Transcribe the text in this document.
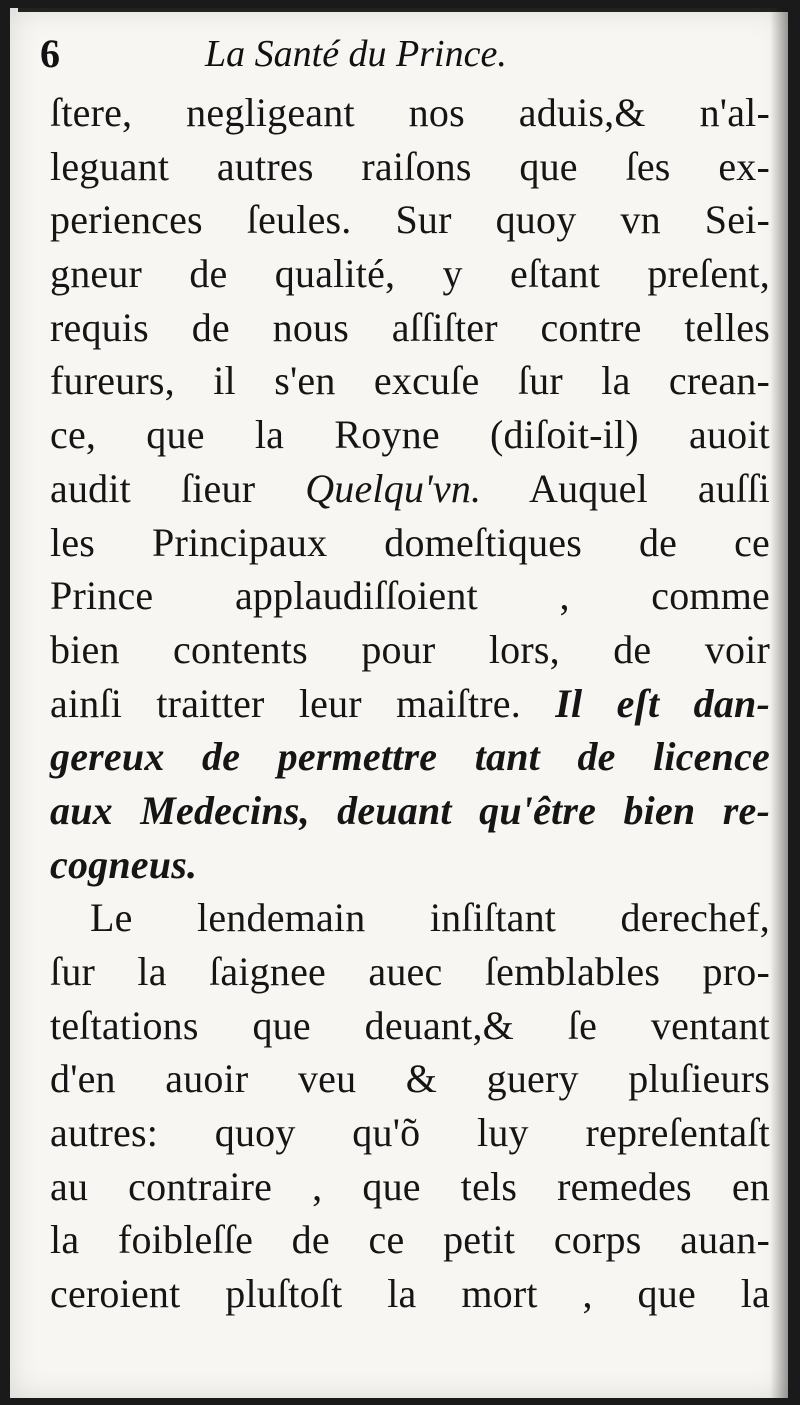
6	La Santé du Prince.
ſtere, negligeant nos aduis,& n'al-
leguant autres raiſons que ſes ex-
periences ſeules. Sur quoy vn Sei-
gneur de qualité, y eſtant preſent,
requis de nous aſſiſter contre telles
fureurs, il s'en excuſe ſur la crean-
ce, que la Royne (diſoit-il) auoit
audit ſieur Quelqu'vn. Auquel auſſi
les Principaux domeſtiques de ce
Prince applaudiſſoient , comme
bien contents pour lors, de voir
ainſi traitter leur maiſtre. Il eſt dan-
gereux de permettre tant de licence
aux Medecins, deuant qu'être bien re-
cogneus.
Le lendemain inſiſtant derechef,
ſur la ſaignee auec ſemblables pro-
teſtations que deuant,& ſe ventant
d'en auoir veu & guery pluſieurs
autres: quoy qu'õ luy repreſentaſt
au contraire , que tels remedes en
la foibleſſe de ce petit corps auan-
ceroient pluſtoſt la mort , que la
